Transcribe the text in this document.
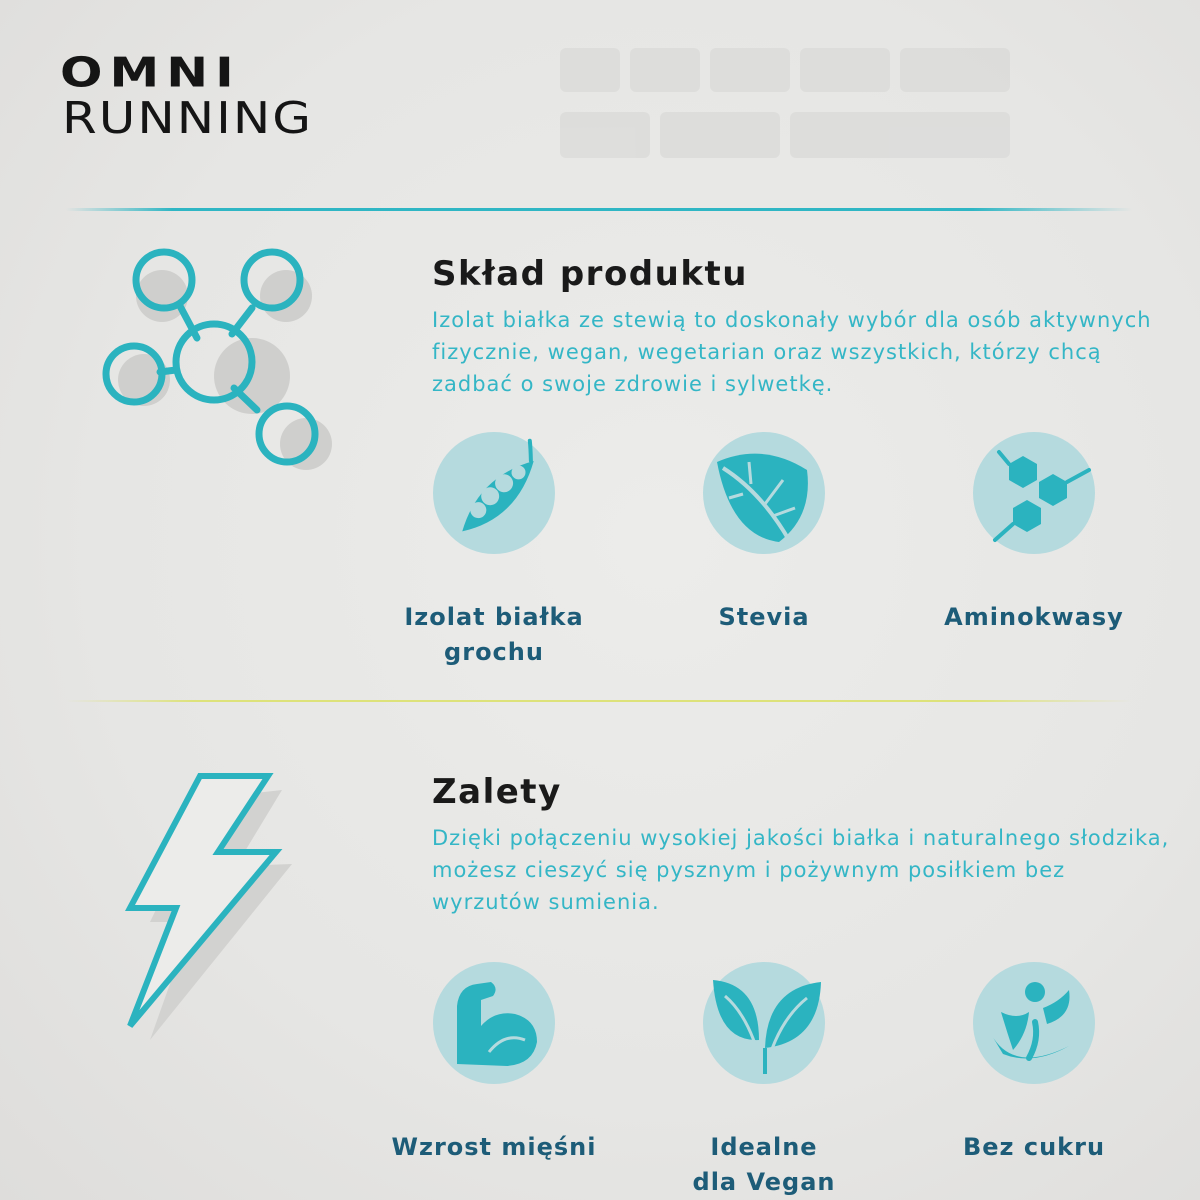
OMNI
RUNNING
Skład produktu
Izolat białka ze stewią to doskonały wybór dla osób aktywnych fizycznie, wegan, wegetarian oraz wszystkich, którzy chcą zadbać o swoje zdrowie i sylwetkę.
Izolat białka grochu
Stevia	Aminokwasy
Zalety
Dzięki połączeniu wysokiej jakości białka i naturalnego słodzika, możesz cieszyć się pysznym i pożywnym posiłkiem bez wyrzutów sumienia.
Wzrost mięśni	Idealne dla Vegan
Bez cukru
